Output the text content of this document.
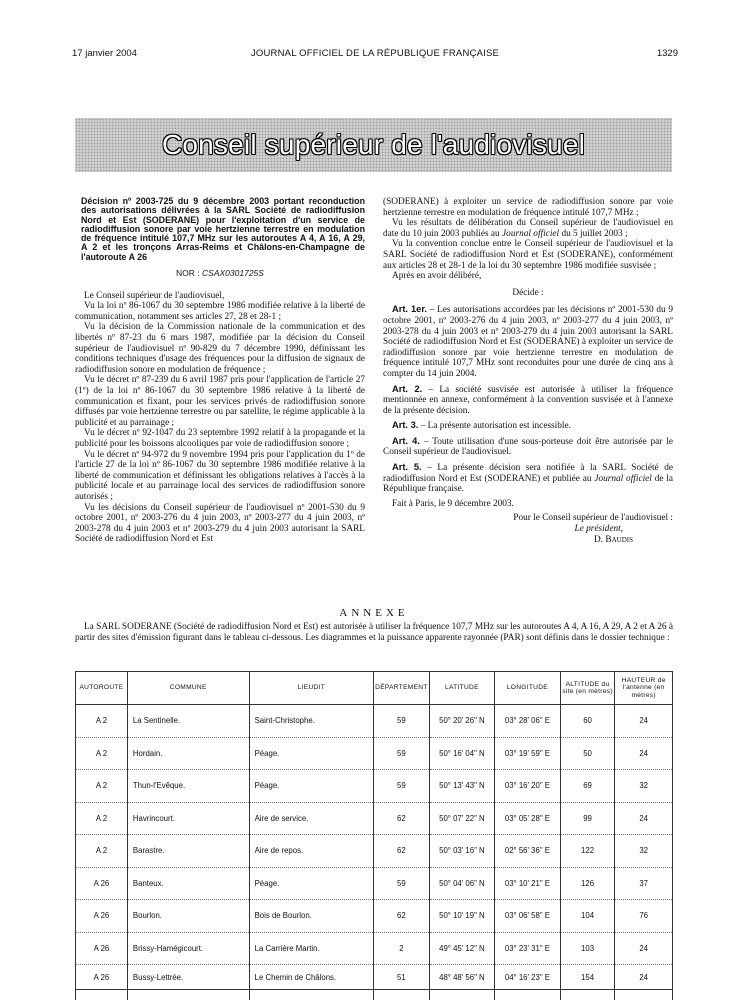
17 janvier 2004	JOURNAL OFFICIEL DE LA RÉPUBLIQUE FRANÇAISE	1329
Conseil supérieur de l'audiovisuel
Décision nº 2003-725 du 9 décembre 2003 portant reconduction des autorisations délivrées à la SARL Société de radiodiffusion Nord et Est (SODERANE) pour l'exploitation d'un service de radiodiffusion sonore par voie hertzienne terrestre en modulation de fréquence intitulé 107,7 MHz sur les autoroutes A 4, A 16, A 29, A 2 et les tronçons Arras-Reims et Châlons-en-Champagne de l'autoroute A 26
NOR : CSAX0301725S

Le Conseil supérieur de l'audiovisuel,

Vu la loi nº 86-1067 du 30 septembre 1986 modifiée relative à la liberté de communication, notamment ses articles 27, 28 et 28-1 ;

Vu la décision de la Commission nationale de la communication et des libertés nº 87-23 du 6 mars 1987, modifiée par la décision du Conseil supérieur de l'audiovisuel nº 90-829 du 7 décembre 1990, définissant les conditions techniques d'usage des fréquences pour la diffusion de signaux de radiodiffusion sonore en modulation de fréquence ;

Vu le décret nº 87-239 du 6 avril 1987 pris pour l'application de l'article 27 (1º) de la loi nº 86-1067 du 30 septembre 1986 relative à la liberté de communication et fixant, pour les services privés de radiodiffusion sonore diffusés par voie hertzienne terrestre ou par satellite, le régime applicable à la publicité et au parrainage ;

Vu le décret nº 92-1047 du 23 septembre 1992 relatif à la propagande et la publicité pour les boissons alcooliques par voie de radiodiffusion sonore ;

Vu le décret nº 94-972 du 9 novembre 1994 pris pour l'application du 1º de l'article 27 de la loi nº 86-1067 du 30 septembre 1986 modifiée relative à la liberté de communication et définissant les obligations relatives à l'accès à la publicité locale et au parrainage local des services de radiodiffusion sonore autorisés ;

Vu les décisions du Conseil supérieur de l'audiovisuel nº 2001-530 du 9 octobre 2001, nº 2003-276 du 4 juin 2003, nº 2003-277 du 4 juin 2003, nº 2003-278 du 4 juin 2003 et nº 2003-279 du 4 juin 2003 autorisant la SARL Société de radiodiffusion Nord et Est

(SODERANE) à exploiter un service de radiodiffusion sonore par voie hertzienne terrestre en modulation de fréquence intitulé 107,7 MHz ;

Vu les résultats de délibération du Conseil supérieur de l'audiovisuel en date du 10 juin 2003 publiés au Journal officiel du 5 juillet 2003 ;

Vu la convention conclue entre le Conseil supérieur de l'audiovisuel et la SARL Société de radiodiffusion Nord et Est (SODERANE), conformément aux articles 28 et 28-1 de la loi du 30 septembre 1986 modifiée susvisée ;

Après en avoir délibéré,

Décide :

Art. 1er. – Les autorisations accordées par les décisions nº 2001-530 du 9 octobre 2001, nº 2003-276 du 4 juin 2003, nº 2003-277 du 4 juin 2003, nº 2003-278 du 4 juin 2003 et nº 2003-279 du 4 juin 2003 autorisant la SARL Société de radiodiffusion Nord et Est (SODERANE) à exploiter un service de radiodiffusion sonore par voie hertzienne terrestre en modulation de fréquence intitulé 107,7 MHz sont reconduites pour une durée de cinq ans à compter du 14 juin 2004.

Art. 2. – La société susvisée est autorisée à utiliser la fréquence mentionnée en annexe, conformément à la convention susvisée et à l'annexe de la présente décision.

Art. 3. – La présente autorisation est incessible.

Art. 4. – Toute utilisation d'une sous-porteuse doit être autorisée par le Conseil supérieur de l'audiovisuel.

Art. 5. – La présente décision sera notifiée à la SARL Société de radiodiffusion Nord et Est (SODERANE) et publiée au Journal officiel de la République française.

Fait à Paris, le 9 décembre 2003.

Pour le Conseil supérieur de l'audiovisuel :
Le président,
D. Baudis
ANNEXE

La SARL SODERANE (Société de radiodiffusion Nord et Est) est autorisée à utiliser la fréquence 107,7 MHz sur les autoroutes A 4, A 16, A 29, A 2 et A 26 à partir des sites d'émission figurant dans le tableau ci-dessous. Les diagrammes et la puissance apparente rayonnée (PAR) sont définis dans le dossier technique :

AUTOROUTE	COMMUNE	LIEUDIT	DÉPARTEMENT	LATITUDE	LONGITUDE	ALTITUDE du site (en mètres)	HAUTEUR de l'antenne (en mètres)
A 2	La Sentinelle.	Saint-Christophe.	59	50° 20' 26" N	03° 28' 06" E	60	24
A 2	Hordain.	Péage.	59	50° 16' 04" N	03° 19' 59" E	50	24
A 2	Thun-l'Evêque.	Péage.	59	50° 13' 43" N	03° 16' 20" E	69	32
A 2	Havrincourt.	Aire de service.	62	50° 07' 22" N	03° 05' 28" E	99	24
A 2	Barastre.	Aire de repos.	62	50° 03' 16" N	02° 56' 36" E	122	32
A 26	Banteux.	Péage.	59	50° 04' 06" N	03° 10' 21" E	126	37
A 26	Bourlon.	Bois de Bourlon.	62	50° 10' 19" N	03° 06' 58" E	104	76
A 26	Brissy-Hamégicourt.	La Carrière Martin.	2	49° 45' 12" N	03° 23' 31" E	103	24
A 26	Bussy-Lettrée.	Le Chemin de Châlons.	51	48° 48' 56" N	04° 16' 23" E	154	24
